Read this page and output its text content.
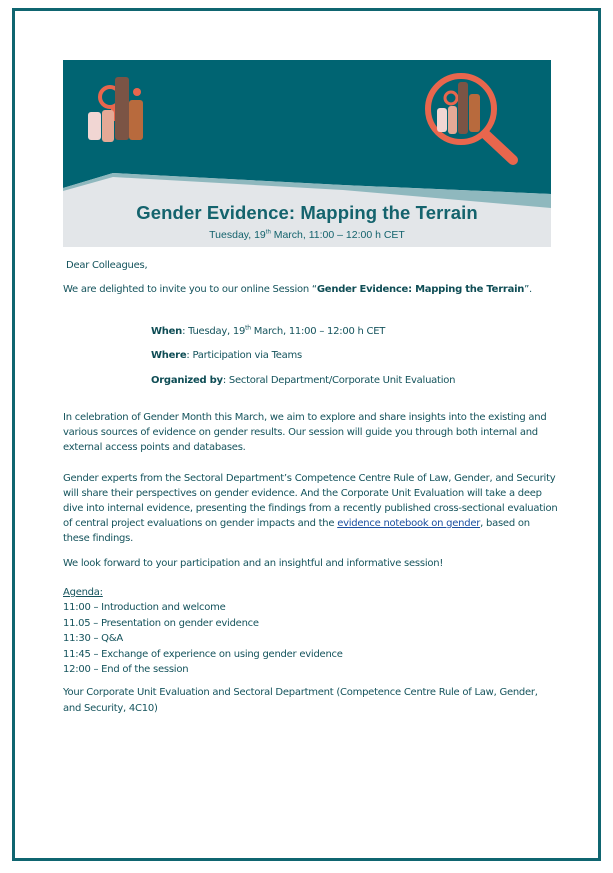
Gender Evidence: Mapping the Terrain
Tuesday, 19th March, 11:00 – 12:00 h CET
Dear Colleagues,
We are delighted to invite you to our online Session “Gender Evidence: Mapping the Terrain”.
When: Tuesday, 19th March, 11:00 – 12:00 h CET
Where: Participation via Teams
Organized by: Sectoral Department/Corporate Unit Evaluation
In celebration of Gender Month this March, we aim to explore and share insights into the existing and various sources of evidence on gender results. Our session will guide you through both internal and external access points and databases.
Gender experts from the Sectoral Department’s Competence Centre Rule of Law, Gender, and Security will share their perspectives on gender evidence. And the Corporate Unit Evaluation will take a deep dive into internal evidence, presenting the findings from a recently published cross-sectional evaluation of central project evaluations on gender impacts and the evidence notebook on gender, based on these findings.
We look forward to your participation and an insightful and informative session!
Agenda:
11:00 – Introduction and welcome
11.05 – Presentation on gender evidence
11:30 – Q&A
11:45 – Exchange of experience on using gender evidence
12:00 – End of the session
Your Corporate Unit Evaluation and Sectoral Department (Competence Centre Rule of Law, Gender, and Security, 4C10)
